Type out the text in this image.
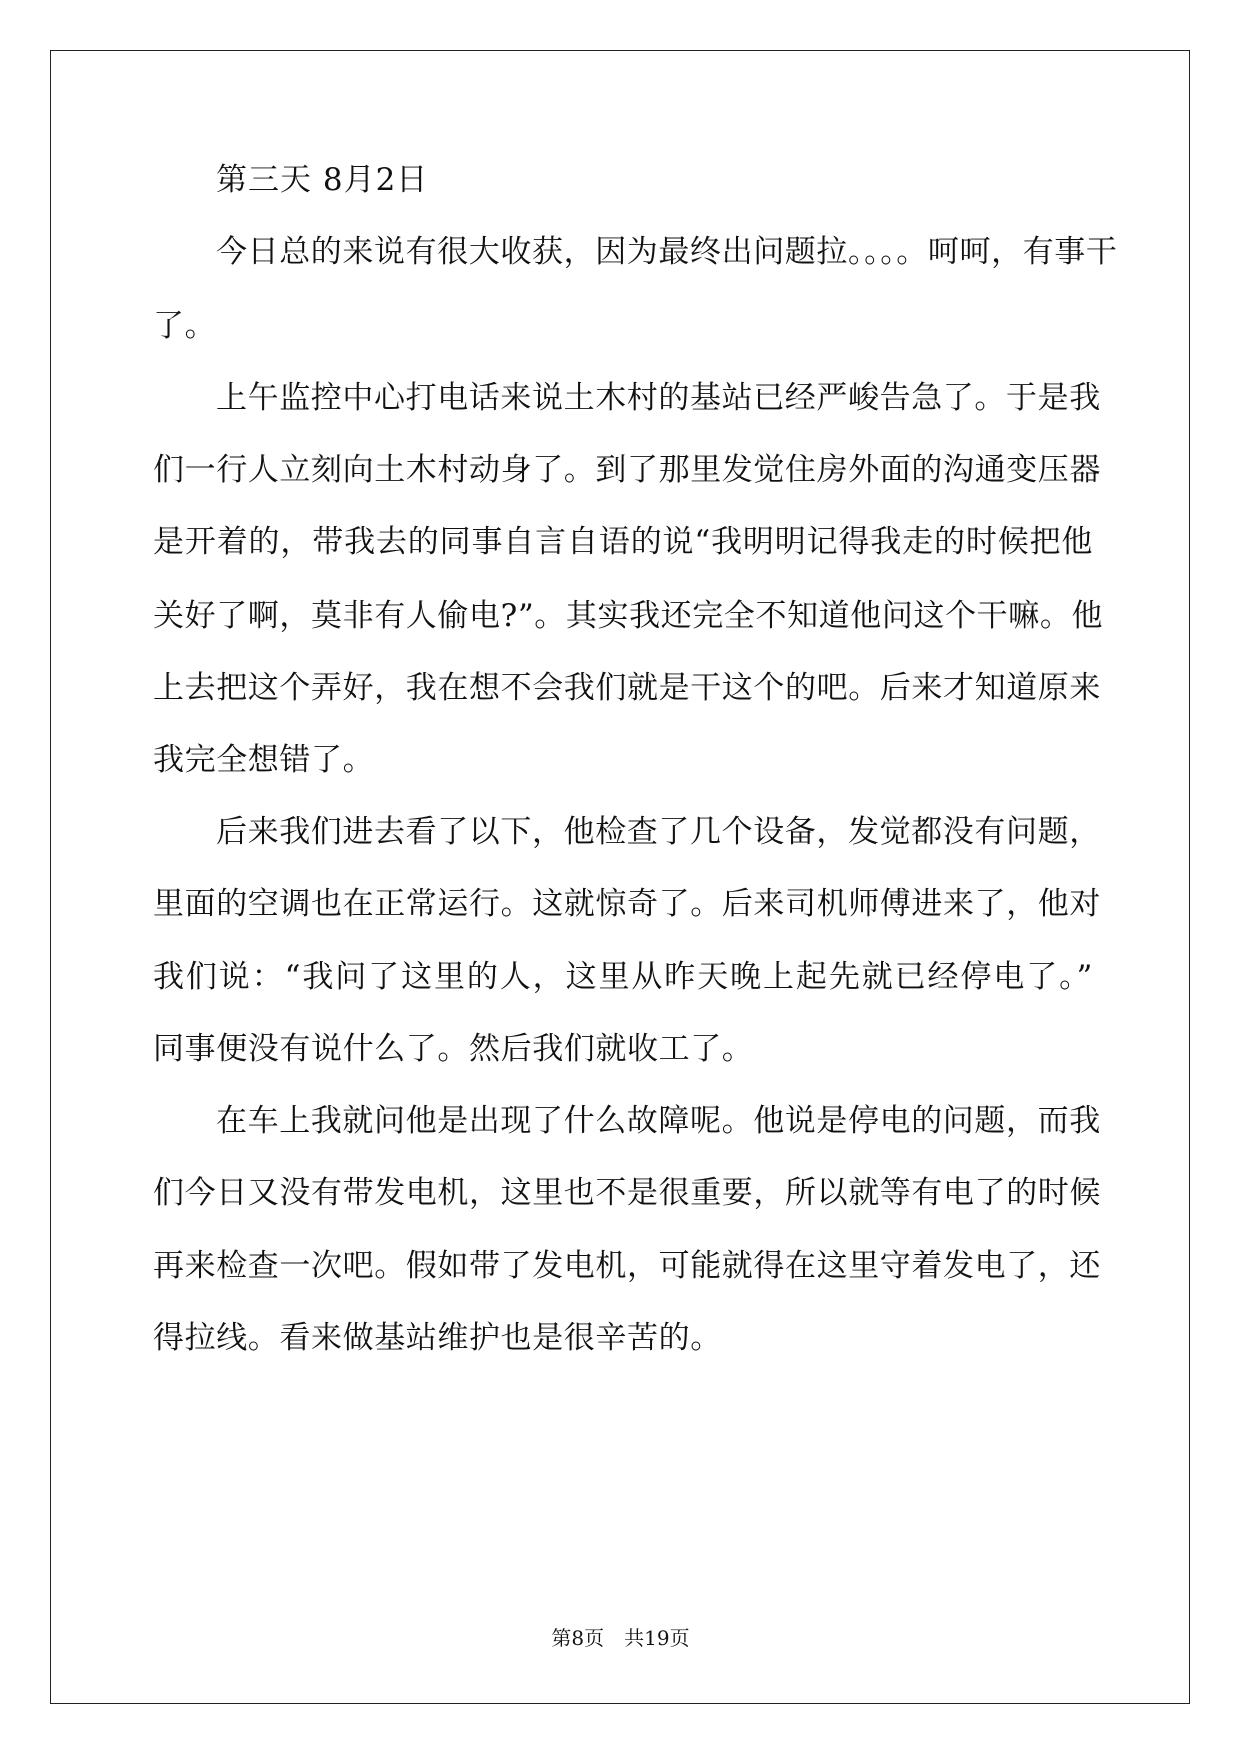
第三天 8月2日
今日总的来说有很大收获，因为最终出问题拉。。。。呵呵，有事干
了。
上午监控中心打电话来说土木村的基站已经严峻告急了。于是我
们一行人立刻向土木村动身了。到了那里发觉住房外面的沟通变压器
是开着的，带我去的同事自言自语的说“我明明记得我走的时候把他
关好了啊，莫非有人偷电?”。其实我还完全不知道他问这个干嘛。他
上去把这个弄好，我在想不会我们就是干这个的吧。后来才知道原来
我完全想错了。
后来我们进去看了以下，他检查了几个设备，发觉都没有问题，
里面的空调也在正常运行。这就惊奇了。后来司机师傅进来了，他对
我们说：“我问了这里的人，这里从昨天晚上起先就已经停电了。”
同事便没有说什么了。然后我们就收工了。
在车上我就问他是出现了什么故障呢。他说是停电的问题，而我
们今日又没有带发电机，这里也不是很重要，所以就等有电了的时候
再来检查一次吧。假如带了发电机，可能就得在这里守着发电了，还
得拉线。看来做基站维护也是很辛苦的。
第8页 共19页
